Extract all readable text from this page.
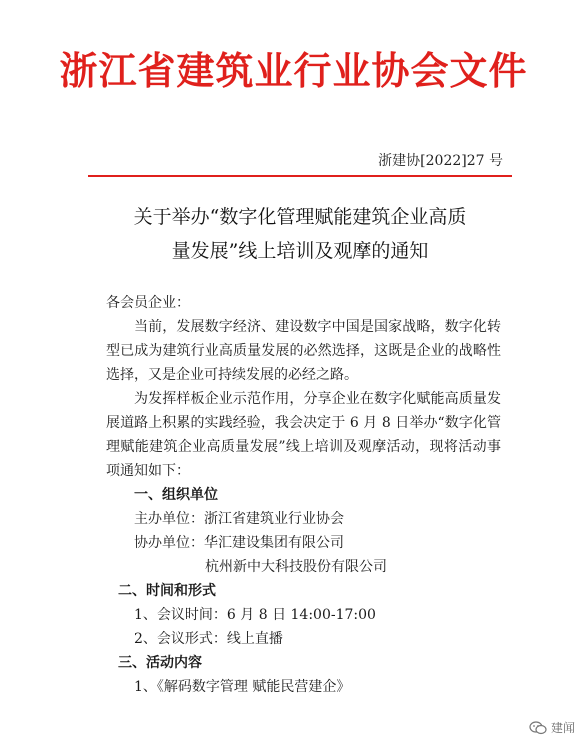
浙江省建筑业行业协会文件
浙建协[2022]27 号
关于举办“数字化管理赋能建筑企业高质
量发展”线上培训及观摩的通知
各会员企业：
当前，发展数字经济、建设数字中国是国家战略，数字化转型已成为建筑行业高质量发展的必然选择，这既是企业的战略性选择，又是企业可持续发展的必经之路。
为发挥样板企业示范作用，分享企业在数字化赋能高质量发展道路上积累的实践经验，我会决定于 6 月 8 日举办“数字化管理赋能建筑企业高质量发展”线上培训及观摩活动，现将活动事项通知如下：
一、组织单位
主办单位：浙江省建筑业行业协会
协办单位：华汇建设集团有限公司
杭州新中大科技股份有限公司
二、时间和形式
1、会议时间：6 月 8 日 14:00-17:00
2、会议形式：线上直播
三、活动内容
1、《解码数字管理 赋能民营建企》
建闻
